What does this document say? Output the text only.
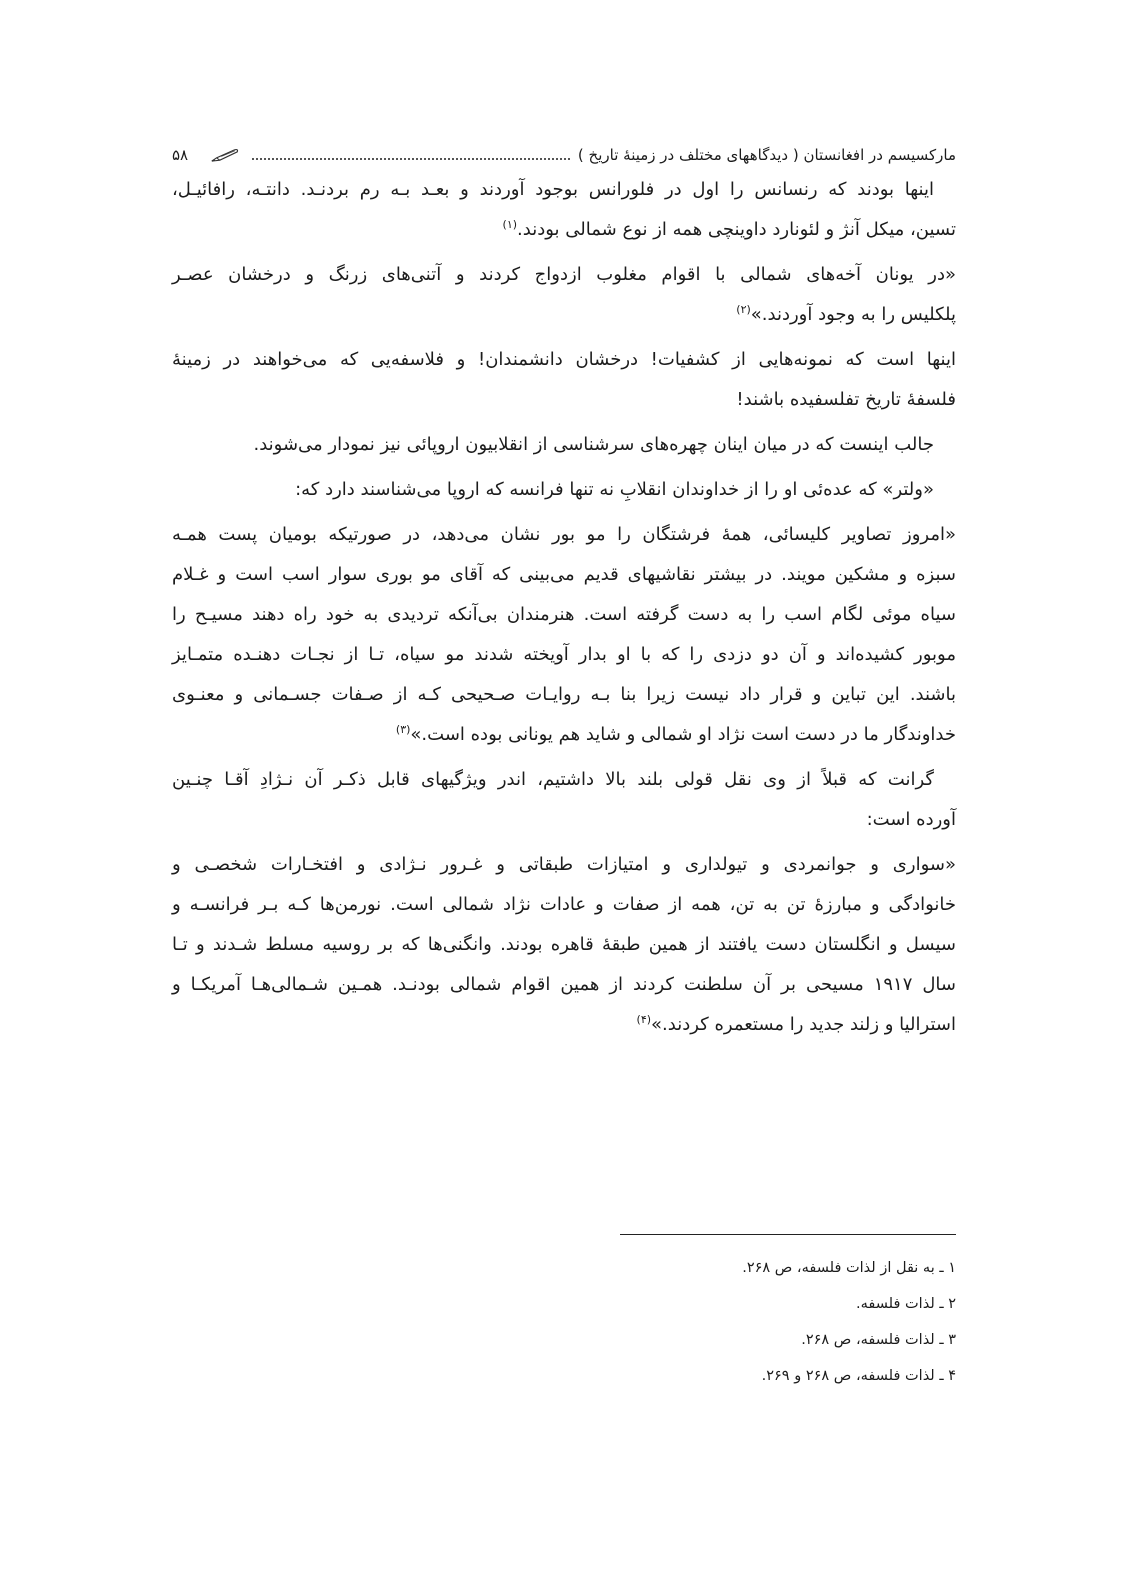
مارکسیسم در افغانستان ( دیدگاههای مختلف در زمینهٔ تاریخ )
۵۸
اینها بودند که رنسانس را اول در فلورانس بوجود آوردند و بعـد بـه رم بردنـد. دانتـه، رافائیـل،
تسین، میکل آنژ و لئونارد داوینچی همه از نوع شمالی بودند.$^{(۱)}$
«در یونان آخه‌های شمالی با اقوام مغلوب ازدواج کردند و آتنی‌های زرنگ و درخشان عصـر
پلکلیس را به وجود آوردند.»$^{(۲)}$
اینها است که نمونه‌هایی از کشفیات! درخشان دانشمندان! و فلاسفه‌یی که می‌خواهند در زمینهٔ
فلسفهٔ تاریخ تفلسفیده باشند!
جالب اینست که در میان اینان چهره‌های سرشناسی از انقلابیون اروپائی نیز نمودار می‌شوند.
«ولتر» که عده‌ئی او را از خداوندان انقلابِ نه تنها فرانسه که اروپا می‌شناسند دارد که:
«امروز تصاویر کلیسائی، همهٔ فرشتگان را مو بور نشان می‌دهد، در صورتیکه بومیان پست همـه
سبزه و مشکین مویند. در بیشتر نقاشیهای قدیم می‌بینی که آقای مو بوری سوار اسب است و غـلام
سیاه موئی لگام اسب را به دست گرفته است. هنرمندان بی‌آنکه تردیدی به خود راه دهند مسیـح را
موبور کشیده‌اند و آن دو دزدی را که با او بدار آویخته شدند مو سیاه، تـا از نجـات دهنـده متمـایز
باشند. این تباین و قرار داد نیست زیرا بنا بـه روایـات صـحیحی کـه از صـفات جسـمانی و معنـوی
خداوندگار ما در دست است نژاد او شمالی و شاید هم یونانی بوده است.»$^{(۳)}$
گرانت که قبلاً از وی نقل قولی بلند بالا داشتیم، اندر ویژگیهای قابل ذکـر آن نـژادِ آقـا چنـین
آورده است:
«سواری و جوانمردی و تیولداری و امتیازات طبقاتی و غـرور نـژادی و افتخـارات شخصـی و
خانوادگی و مبارزهٔ تن به تن، همه از صفات و عادات نژاد شمالی است. نورمن‌ها کـه بـر فرانسـه و
سیسل و انگلستان دست یافتند از همین طبقهٔ قاهره بودند. وانگنی‌ها که بر روسیه مسلط شـدند و تـا
سال ۱۹۱۷ مسیحی بر آن سلطنت کردند از همین اقوام شمالی بودنـد. همـین شـمالی‌هـا آمریکـا و
استرالیا و زلند جدید را مستعمره کردند.»$^{(۴)}$
۱ ـ به نقل از لذات فلسفه، ص ۲۶۸.
۲ ـ لذات فلسفه.
۳ ـ لذات فلسفه، ص ۲۶۸.
۴ ـ لذات فلسفه، ص ۲۶۸ و ۲۶۹.
